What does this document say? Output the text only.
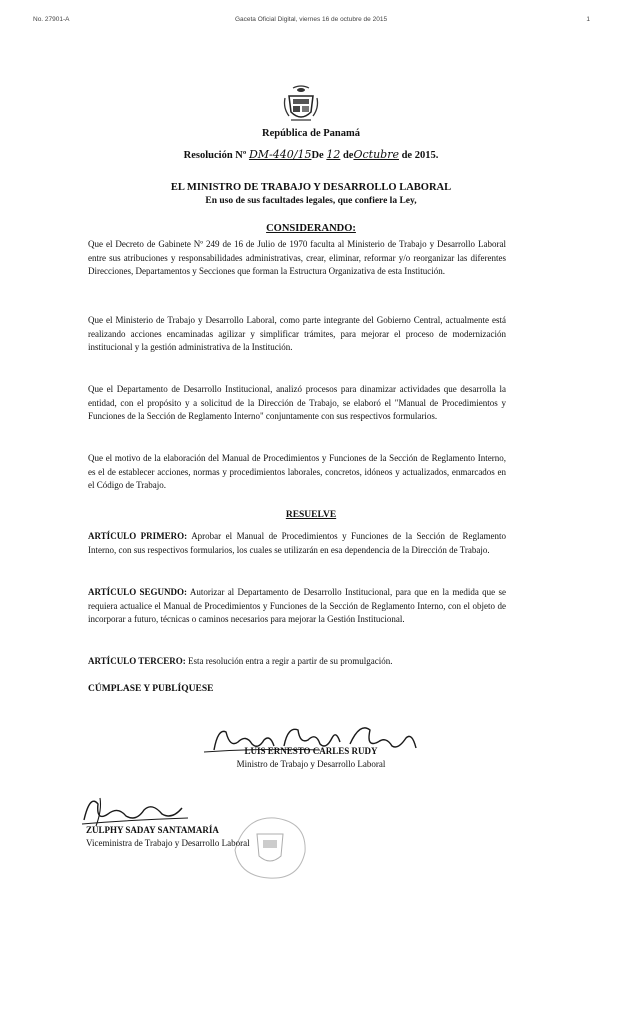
No. 27901-A	Gaceta Oficial Digital, viernes 16 de octubre de 2015	1
República de Panamá
Resolución Nº DM-440/15De 12 deOctubre de 2015.
EL MINISTRO DE TRABAJO Y DESARROLLO LABORAL
En uso de sus facultades legales, que confiere la Ley,
CONSIDERANDO:
Que el Decreto de Gabinete Nº 249 de 16 de Julio de 1970 faculta al Ministerio de Trabajo y Desarrollo Laboral entre sus atribuciones y responsabilidades administrativas, crear, eliminar, reformar y/o reorganizar las diferentes Direcciones, Departamentos y Secciones que forman la Estructura Organizativa de esta Institución.
Que el Ministerio de Trabajo y Desarrollo Laboral, como parte integrante del Gobierno Central, actualmente está realizando acciones encaminadas agilizar y simplificar trámites, para mejorar el proceso de modernización institucional y la gestión administrativa de la Institución.
Que el Departamento de Desarrollo Institucional, analizó procesos para dinamizar actividades que desarrolla la entidad, con el propósito y a solicitud de la Dirección de Trabajo, se elaboró el "Manual de Procedimientos y Funciones de la Sección de Reglamento Interno" conjuntamente con sus respectivos formularios.
Que el motivo de la elaboración del Manual de Procedimientos y Funciones de la Sección de Reglamento Interno, es el de establecer acciones, normas y procedimientos laborales, concretos, idóneos y actualizados, enmarcados en el Código de Trabajo.
RESUELVE
ARTÍCULO PRIMERO: Aprobar el Manual de Procedimientos y Funciones de la Sección de Reglamento Interno, con sus respectivos formularios, los cuales se utilizarán en esa dependencia de la Dirección de Trabajo.
ARTÍCULO SEGUNDO: Autorizar al Departamento de Desarrollo Institucional, para que en la medida que se requiera actualice el Manual de Procedimientos y Funciones de la Sección de Reglamento Interno, con el objeto de incorporar a futuro, técnicas o caminos necesarios para mejorar la Gestión Institucional.
ARTÍCULO TERCERO: Esta resolución entra a regir a partir de su promulgación.
CÚMPLASE Y PUBLÍQUESE
LUIS ERNESTO CARLES RUDY
Ministro de Trabajo y Desarrollo Laboral
ZULPHY SADAY SANTAMARÍA
Viceministra de Trabajo y Desarrollo Laboral
